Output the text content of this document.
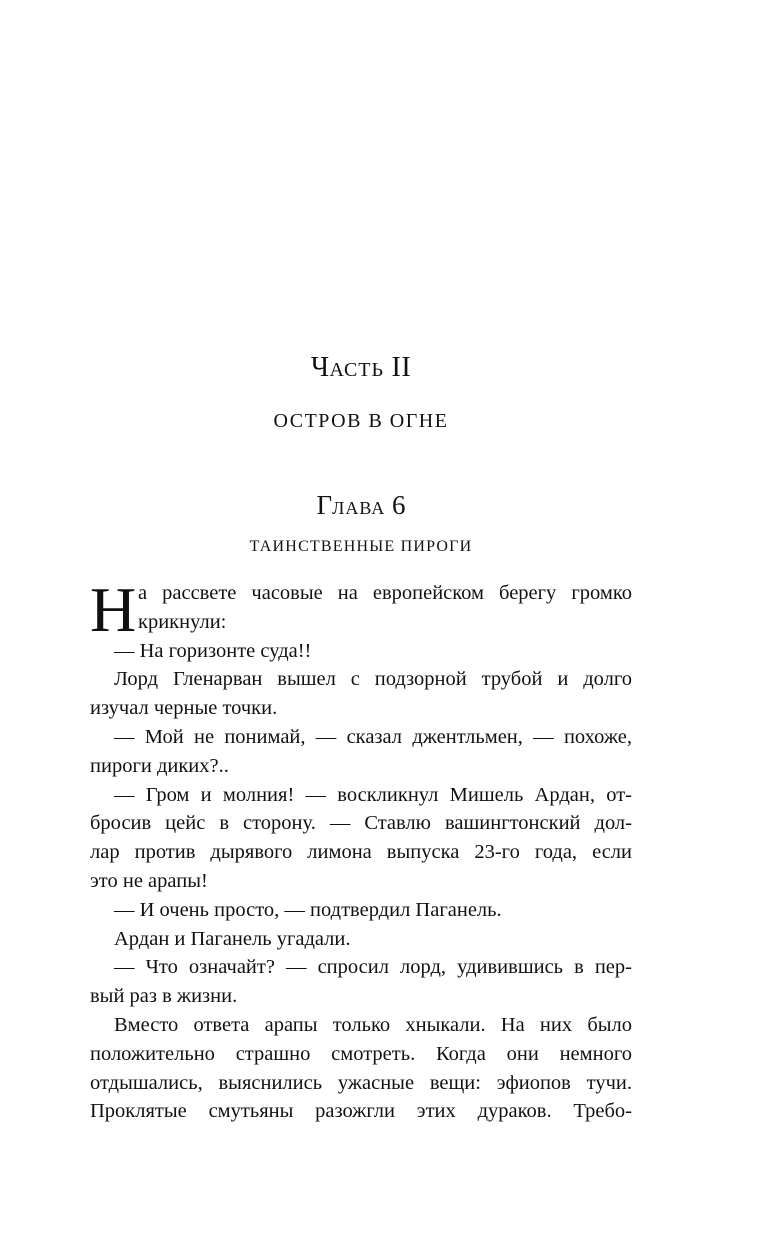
ЧАСТЬ II
ОСТРОВ В ОГНЕ
ГЛАВА 6
ТАИНСТВЕННЫЕ ПИРОГИ
Н а рассвете часовые на европейском берегу громко
крикнули:
— На горизонте суда!!
Лорд Гленарван вышел с подзорной трубой и долго
изучал черные точки.
— Мой не понимай, — сказал джентльмен, — похоже,
пироги диких?..
— Гром и молния! — воскликнул Мишель Ардан, от-
бросив цейс в сторону. — Ставлю вашингтонский дол-
лар против дырявого лимона выпуска 23-го года, если
это не арапы!
— И очень просто, — подтвердил Паганель.
Ардан и Паганель угадали.
— Что означайт? — спросил лорд, удивившись в пер-
вый раз в жизни.
Вместо ответа арапы только хныкали. На них было
положительно страшно смотреть. Когда они немного
отдышались, выяснились ужасные вещи: эфиопов тучи.
Проклятые смутьяны разожгли этих дураков. Требо-
